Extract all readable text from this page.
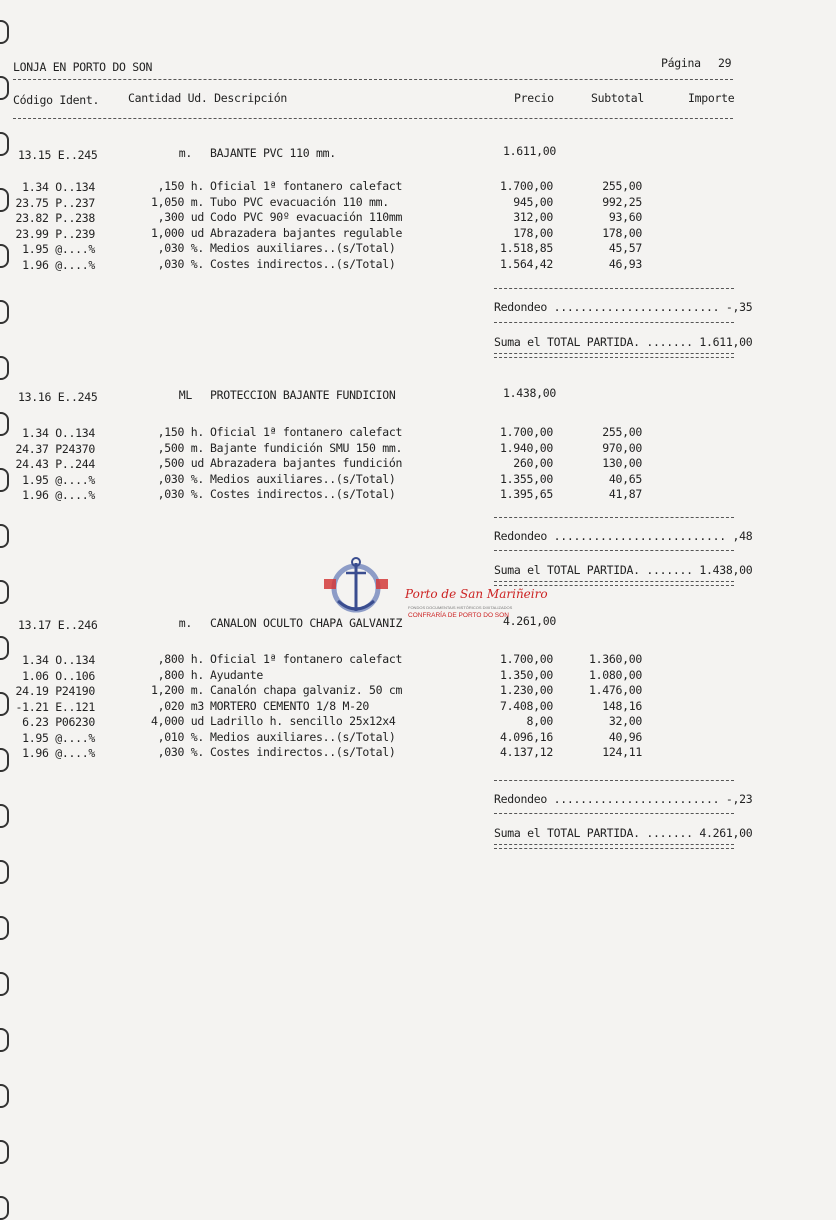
LONJA EN PORTO DO SON	Página 29
Código Ident.	Cantidad Ud. Descripción	Precio	Subtotal	Importe
13.15 E..245	m. BAJANTE PVC 110 mm.	1.611,00
1.34 O..134	,150 h. Oficial 1ª fontanero calefact	1.700,00	255,00
23.75 P..237	1,050 m. Tubo PVC evacuación 110 mm.	945,00	992,25
23.82 P..238	,300 ud Codo PVC 90º evacuación 110mm	312,00	93,60
23.99 P..239	1,000 ud Abrazadera bajantes regulable	178,00	178,00
1.95 @....%	,030 %. Medios auxiliares..(s/Total)	1.518,85	45,57
1.96 @....%	,030 %. Costes indirectos..(s/Total)	1.564,42	46,93
Redondeo ......................... -,35
Suma el TOTAL PARTIDA. ....... 1.611,00
13.16 E..245	ML PROTECCION BAJANTE FUNDICION	1.438,00
1.34 O..134	,150 h. Oficial 1ª fontanero calefact	1.700,00	255,00
24.37 P24370	,500 m. Bajante fundición SMU 150 mm.	1.940,00	970,00
24.43 P..244	,500 ud Abrazadera bajantes fundición	260,00	130,00
1.95 @....%	,030 %. Medios auxiliares..(s/Total)	1.355,00	40,65
1.96 @....%	,030 %. Costes indirectos..(s/Total)	1.395,65	41,87
Redondeo .......................... ,48
Suma el TOTAL PARTIDA. ....... 1.438,00
13.17 E..246	m. CANALON OCULTO CHAPA GALVANIZ	4.261,00
1.34 O..134	,800 h. Oficial 1ª fontanero calefact	1.700,00	1.360,00
1.06 O..106	,800 h. Ayudante	1.350,00	1.080,00
24.19 P24190	1,200 m. Canalón chapa galvaniz. 50 cm	1.230,00	1.476,00
-1.21 E..121	,020 m3 MORTERO CEMENTO 1/8 M-20	7.408,00	148,16
6.23 P06230	4,000 ud Ladrillo h. sencillo 25x12x4	8,00	32,00
1.95 @....%	,010 %. Medios auxiliares..(s/Total)	4.096,16	40,96
1.96 @....%	,030 %. Costes indirectos..(s/Total)	4.137,12	124,11
Redondeo ......................... -,23
Suma el TOTAL PARTIDA. ....... 4.261,00
Porto de San Mariñeiro
FONDOS DOCUMENTAIS HISTÓRICOS DIXITALIZADOS
CONFRARÍA DE PORTO DO SON
